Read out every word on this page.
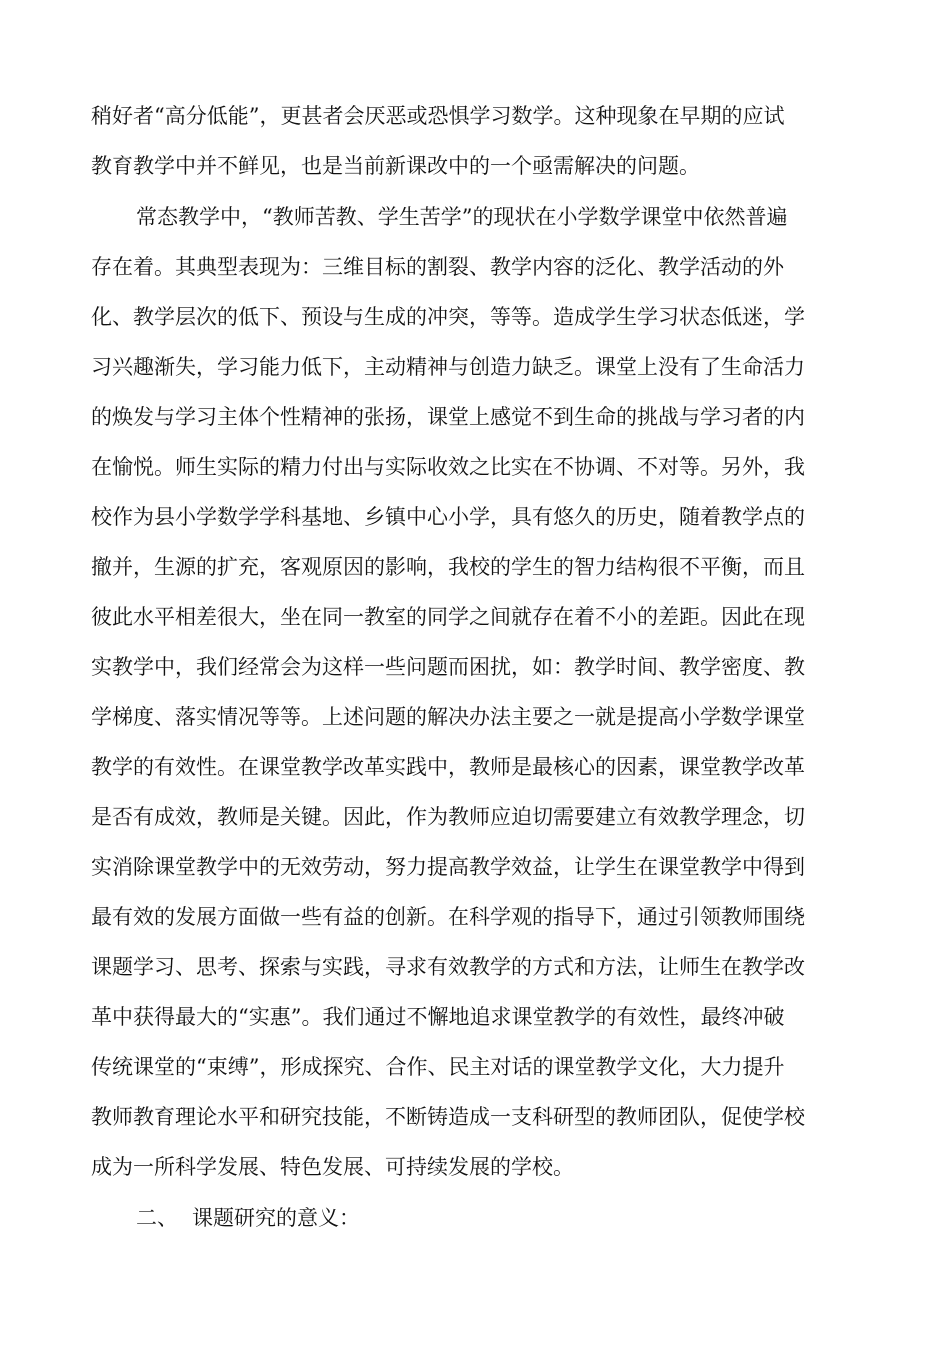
稍好者“高分低能”，更甚者会厌恶或恐惧学习数学。这种现象在早期的应试
教育教学中并不鲜见，也是当前新课改中的一个亟需解决的问题。
常态教学中，“教师苦教、学生苦学”的现状在小学数学课堂中依然普遍
存在着。其典型表现为：三维目标的割裂、教学内容的泛化、教学活动的外
化、教学层次的低下、预设与生成的冲突，等等。造成学生学习状态低迷，学
习兴趣渐失，学习能力低下，主动精神与创造力缺乏。课堂上没有了生命活力
的焕发与学习主体个性精神的张扬，课堂上感觉不到生命的挑战与学习者的内
在愉悦。师生实际的精力付出与实际收效之比实在不协调、不对等。另外，我
校作为县小学数学学科基地、乡镇中心小学，具有悠久的历史，随着教学点的
撤并，生源的扩充，客观原因的影响，我校的学生的智力结构很不平衡，而且
彼此水平相差很大，坐在同一教室的同学之间就存在着不小的差距。因此在现
实教学中，我们经常会为这样一些问题而困扰，如：教学时间、教学密度、教
学梯度、落实情况等等。上述问题的解决办法主要之一就是提高小学数学课堂
教学的有效性。在课堂教学改革实践中，教师是最核心的因素，课堂教学改革
是否有成效，教师是关键。因此，作为教师应迫切需要建立有效教学理念，切
实消除课堂教学中的无效劳动，努力提高教学效益，让学生在课堂教学中得到
最有效的发展方面做一些有益的创新。在科学观的指导下，通过引领教师围绕
课题学习、思考、探索与实践，寻求有效教学的方式和方法，让师生在教学改
革中获得最大的“实惠”。我们通过不懈地追求课堂教学的有效性，最终冲破
传统课堂的“束缚”，形成探究、合作、民主对话的课堂教学文化，大力提升
教师教育理论水平和研究技能，不断铸造成一支科研型的教师团队，促使学校
成为一所科学发展、特色发展、可持续发展的学校。
二、 课题研究的意义：
